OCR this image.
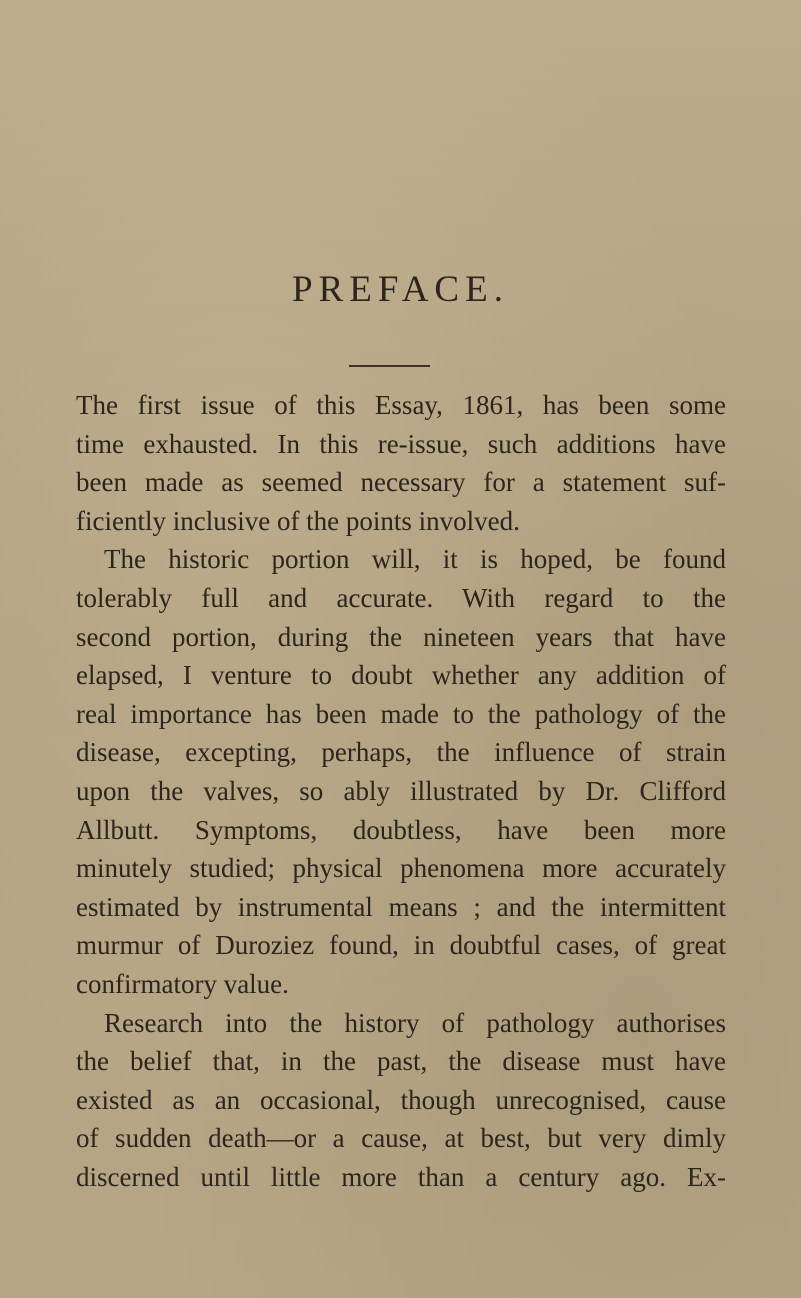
PREFACE.
The first issue of this Essay, 1861, has been some
time exhausted. In this re-issue, such additions have
been made as seemed necessary for a statement suf-
ficiently inclusive of the points involved.
The historic portion will, it is hoped, be found
tolerably full and accurate. With regard to the
second portion, during the nineteen years that have
elapsed, I venture to doubt whether any addition of
real importance has been made to the pathology of the
disease, excepting, perhaps, the influence of strain
upon the valves, so ably illustrated by Dr. Clifford
Allbutt. Symptoms, doubtless, have been more
minutely studied; physical phenomena more accurately
estimated by instrumental means ; and the intermittent
murmur of Duroziez found, in doubtful cases, of great
confirmatory value.
Research into the history of pathology authorises
the belief that, in the past, the disease must have
existed as an occasional, though unrecognised, cause
of sudden death—or a cause, at best, but very dimly
discerned until little more than a century ago. Ex-
